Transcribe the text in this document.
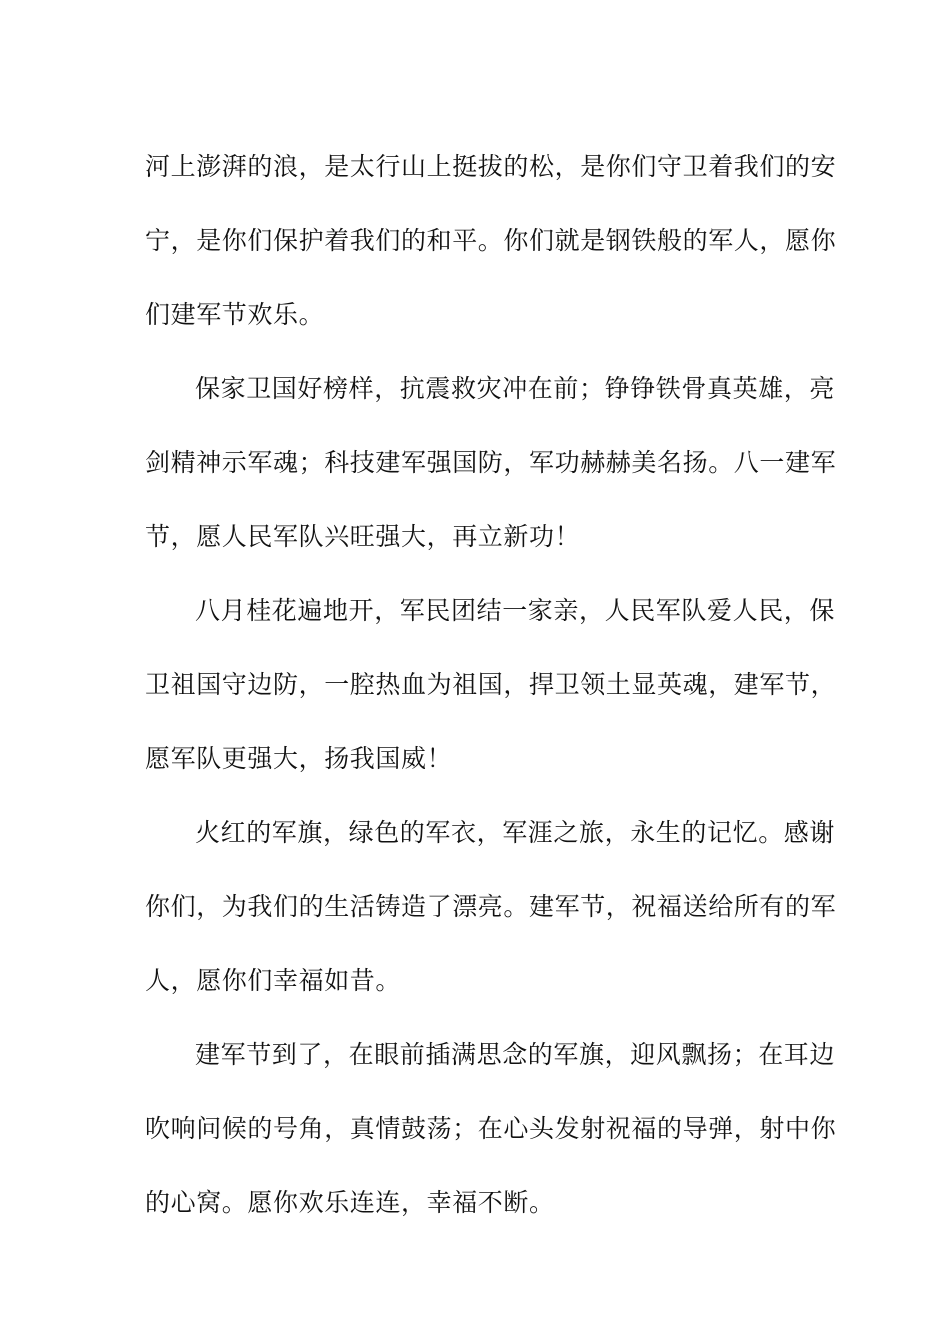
河上澎湃的浪，是太行山上挺拔的松，是你们守卫着我们的安
宁，是你们保护着我们的和平。你们就是钢铁般的军人，愿你
们建军节欢乐。
保家卫国好榜样，抗震救灾冲在前；铮铮铁骨真英雄，亮
剑精神示军魂；科技建军强国防，军功赫赫美名扬。八一建军
节，愿人民军队兴旺强大，再立新功！
八月桂花遍地开，军民团结一家亲，人民军队爱人民，保
卫祖国守边防，一腔热血为祖国，捍卫领土显英魂，建军节，
愿军队更强大，扬我国威！
火红的军旗，绿色的军衣，军涯之旅，永生的记忆。感谢
你们，为我们的生活铸造了漂亮。建军节，祝福送给所有的军
人，愿你们幸福如昔。
建军节到了，在眼前插满思念的军旗，迎风飘扬；在耳边
吹响问候的号角，真情鼓荡；在心头发射祝福的导弹，射中你
的心窝。愿你欢乐连连，幸福不断。
